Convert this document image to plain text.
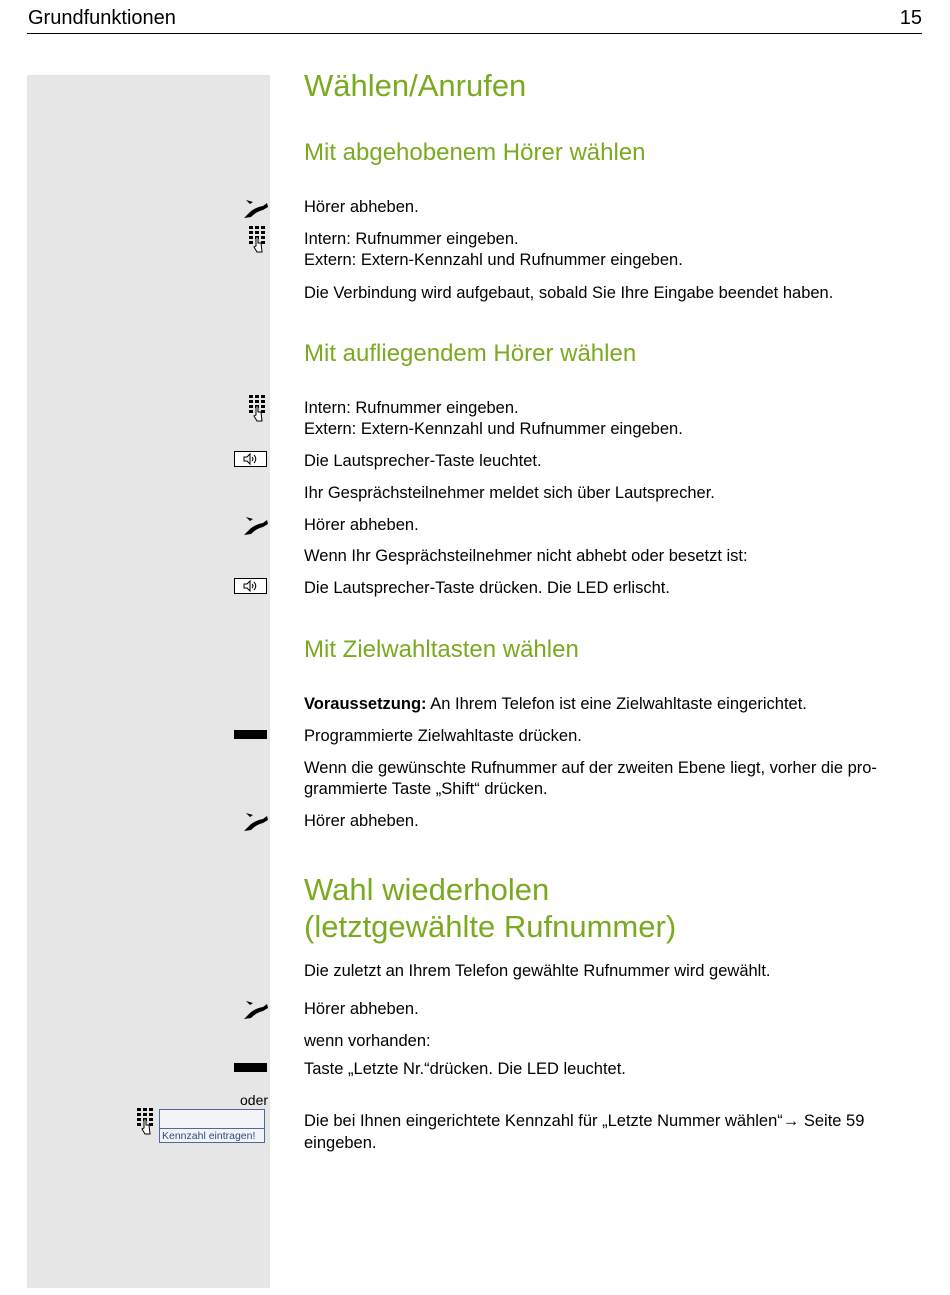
Grundfunktionen	15
Wählen/Anrufen
Mit abgehobenem Hörer wählen
Hörer abheben.
Intern: Rufnummer eingeben.
Extern: Extern-Kennzahl und Rufnummer eingeben.
Die Verbindung wird aufgebaut, sobald Sie Ihre Eingabe beendet haben.
Mit aufliegendem Hörer wählen
Intern: Rufnummer eingeben.
Extern: Extern-Kennzahl und Rufnummer eingeben.
Die Lautsprecher-Taste leuchtet.
Ihr Gesprächsteilnehmer meldet sich über Lautsprecher.
Hörer abheben.
Wenn Ihr Gesprächsteilnehmer nicht abhebt oder besetzt ist:
Die Lautsprecher-Taste drücken. Die LED erlischt.
Mit Zielwahltasten wählen
Voraussetzung: An Ihrem Telefon ist eine Zielwahltaste eingerichtet.
Programmierte Zielwahltaste drücken.
Wenn die gewünschte Rufnummer auf der zweiten Ebene liegt, vorher die pro-grammierte Taste „Shift“ drücken.
Hörer abheben.
Wahl wiederholen
(letztgewählte Rufnummer)
Die zuletzt an Ihrem Telefon gewählte Rufnummer wird gewählt.
Hörer abheben.
wenn vorhanden:
Taste „Letzte Nr.“drücken. Die LED leuchtet.
oder
Kennzahl eintragen!
Die bei Ihnen eingerichtete Kennzahl für „Letzte Nummer wählen“→ Seite 59
eingeben.
